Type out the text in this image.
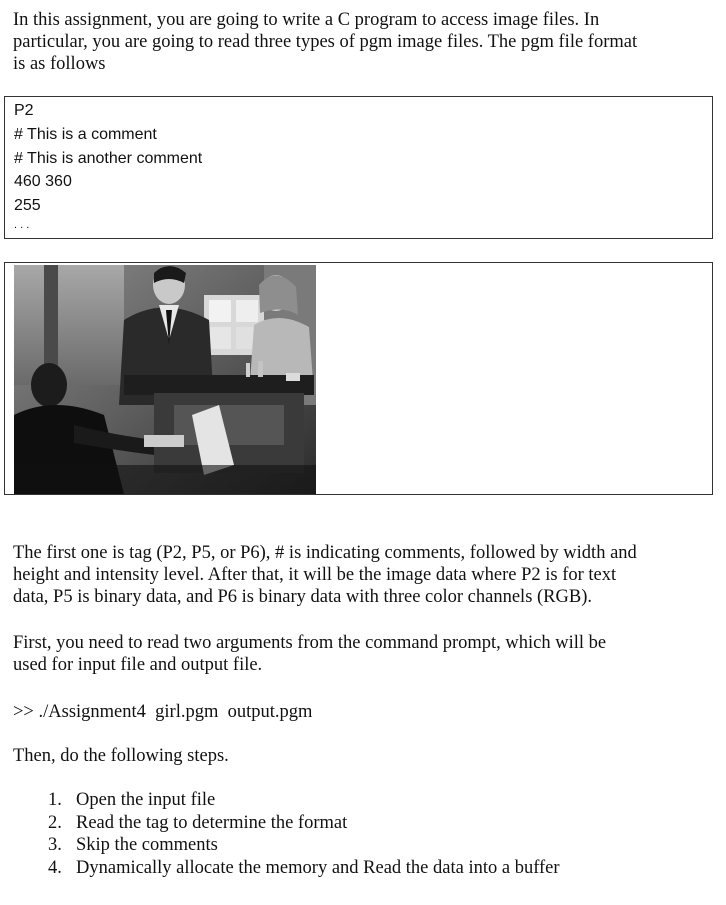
In this assignment, you are going to write a C program to access image files. In
particular, you are going to read three types of pgm image files. The pgm file format
is as follows

P2
# This is a comment
# This is another comment
460 360
255
. . .

The first one is tag (P2, P5, or P6), # is indicating comments, followed by width and
height and intensity level. After that, it will be the image data where P2 is for text
data, P5 is binary data, and P6 is binary data with three color channels (RGB).

First, you need to read two arguments from the command prompt, which will be
used for input file and output file.

>> ./Assignment4  girl.pgm  output.pgm

Then, do the following steps.

1. Open the input file
2. Read the tag to determine the format
3. Skip the comments
4. Dynamically allocate the memory and Read the data into a buffer
